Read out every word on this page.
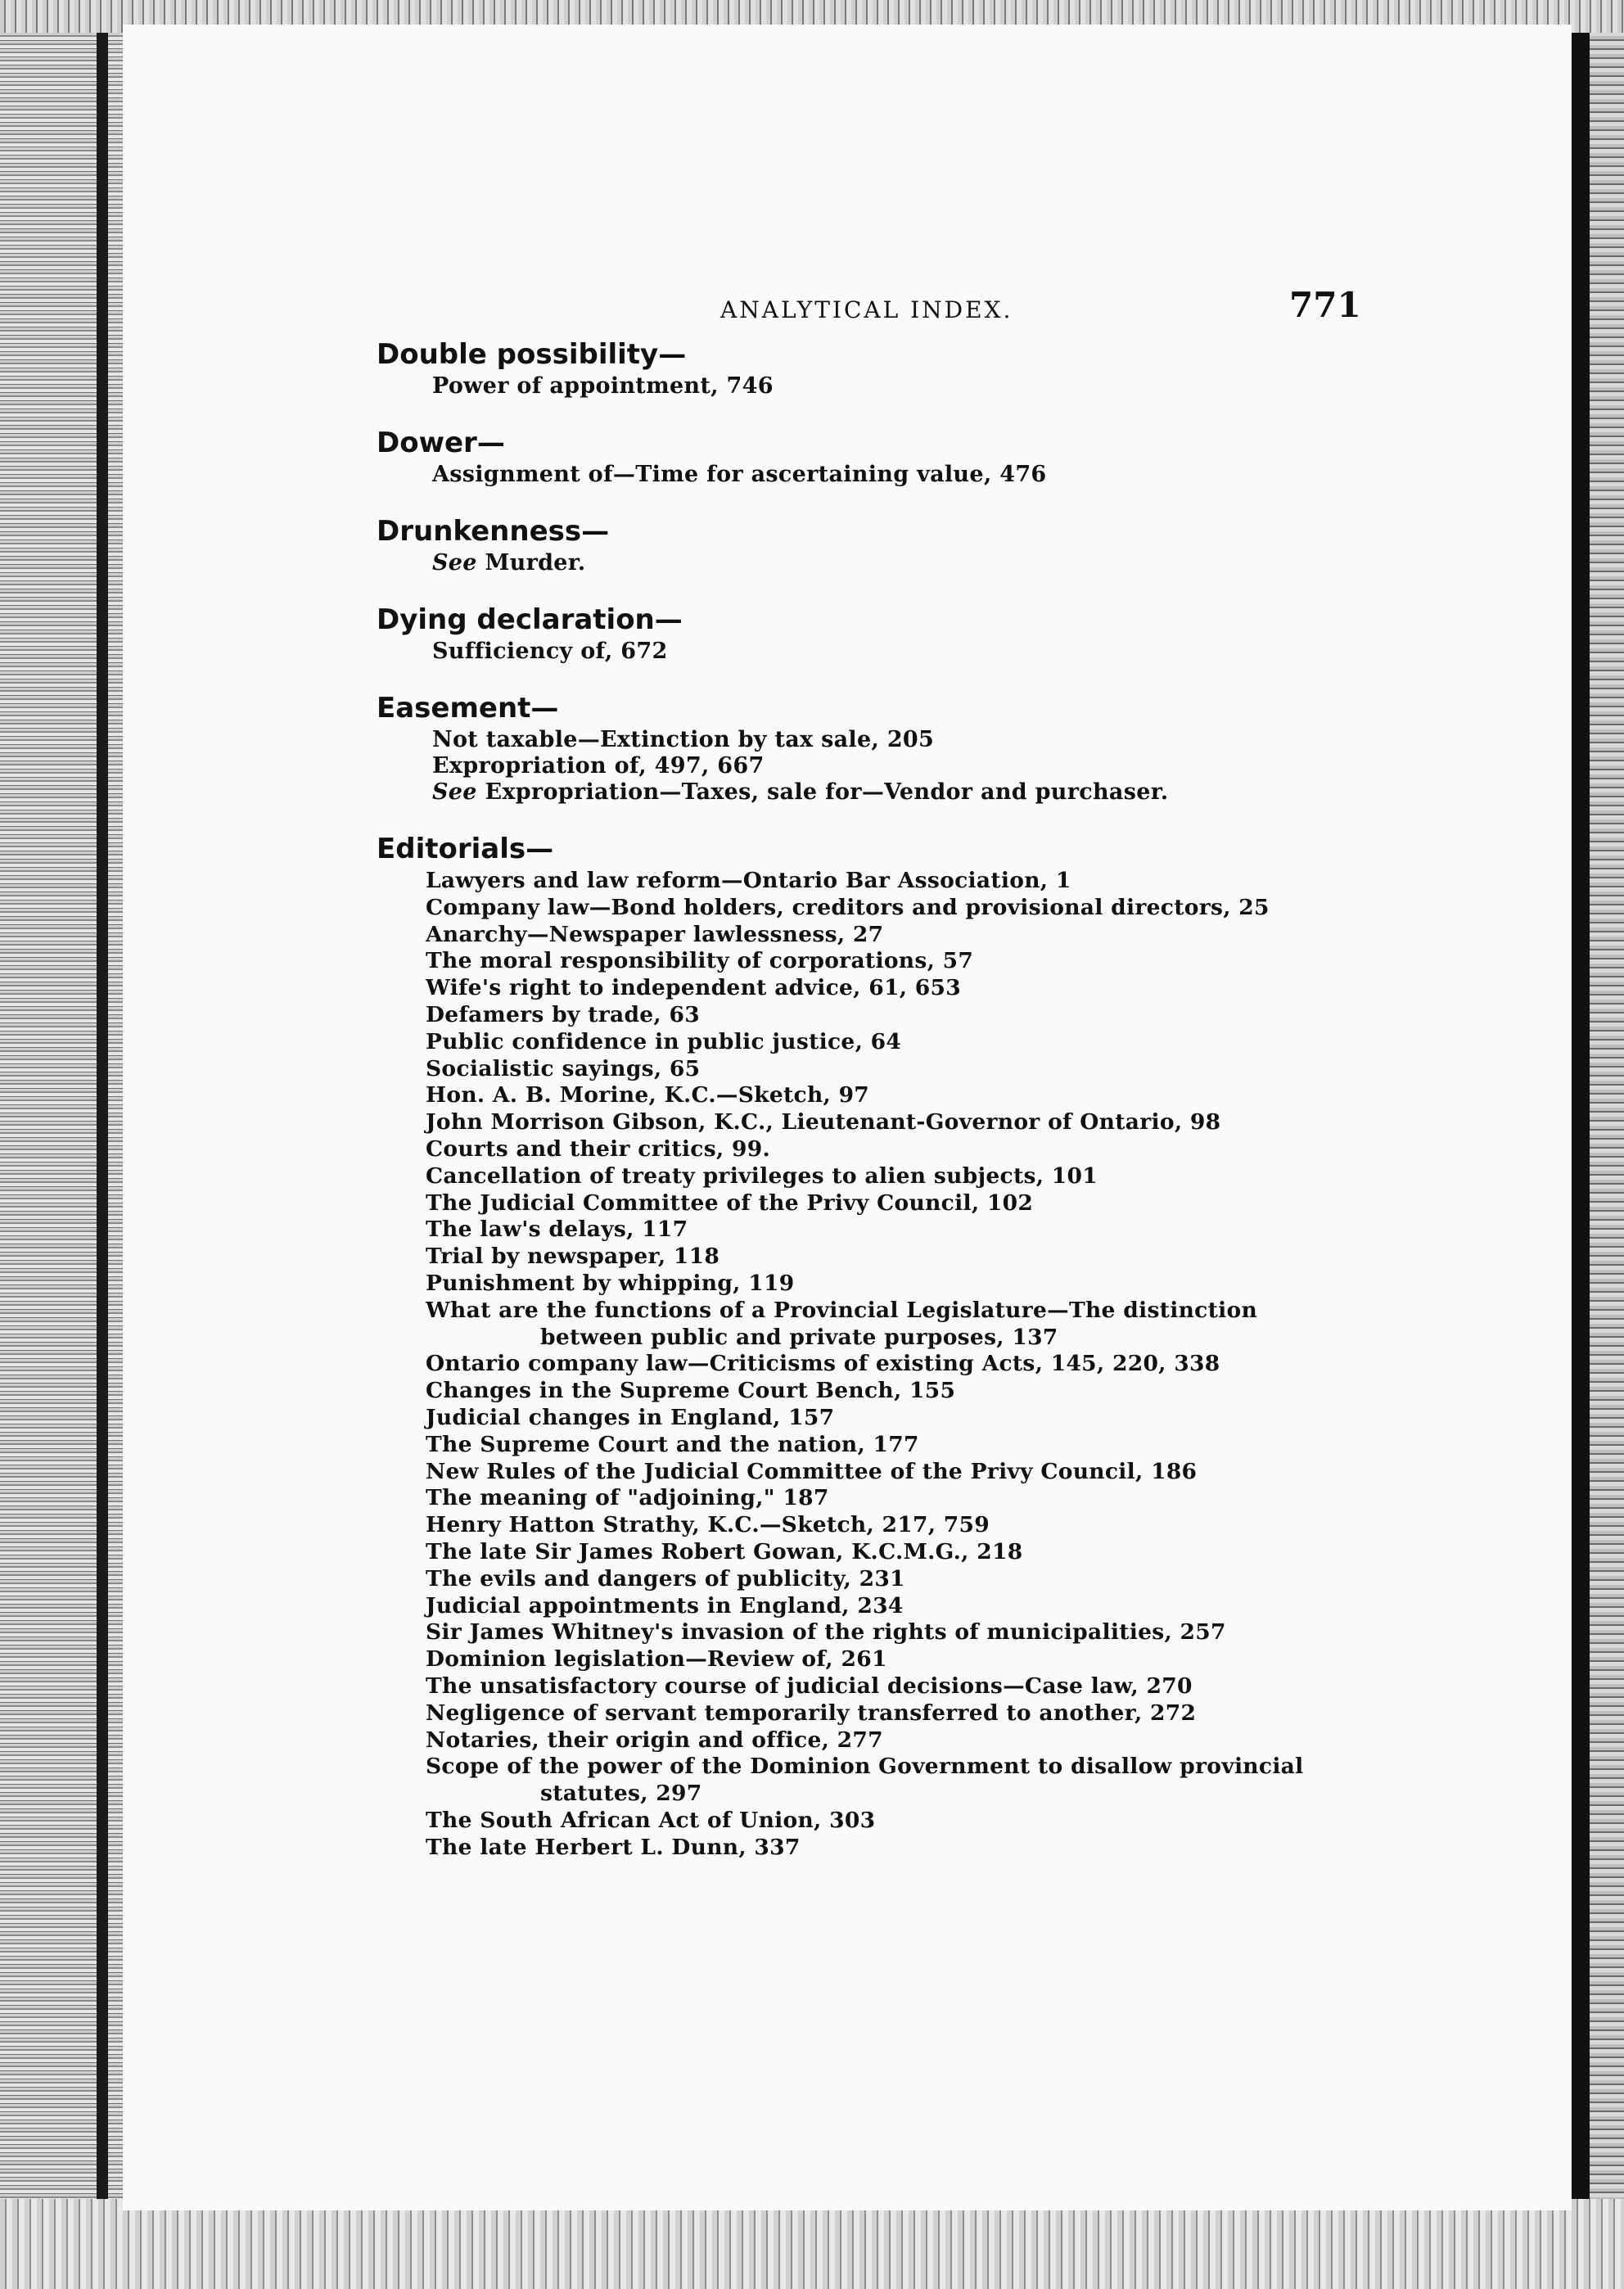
ANALYTICAL INDEX.	771
Double possibility—
Power of appointment, 746
Dower—
Assignment of—Time for ascertaining value, 476
Drunkenness—
See Murder.
Dying declaration—
Sufficiency of, 672
Easement—
Not taxable—Extinction by tax sale, 205
Expropriation of, 497, 667
See Expropriation—Taxes, sale for—Vendor and purchaser.
Editorials—
Lawyers and law reform—Ontario Bar Association, 1
Company law—Bond holders, creditors and provisional directors, 25
Anarchy—Newspaper lawlessness, 27
The moral responsibility of corporations, 57
Wife's right to independent advice, 61, 653
Defamers by trade, 63
Public confidence in public justice, 64
Socialistic sayings, 65
Hon. A. B. Morine, K.C.—Sketch, 97
John Morrison Gibson, K.C., Lieutenant-Governor of Ontario, 98
Courts and their critics, 99.
Cancellation of treaty privileges to alien subjects, 101
The Judicial Committee of the Privy Council, 102
The law's delays, 117
Trial by newspaper, 118
Punishment by whipping, 119
What are the functions of a Provincial Legislature—The distinction
between public and private purposes, 137
Ontario company law—Criticisms of existing Acts, 145, 220, 338
Changes in the Supreme Court Bench, 155
Judicial changes in England, 157
The Supreme Court and the nation, 177
New Rules of the Judicial Committee of the Privy Council, 186
The meaning of "adjoining," 187
Henry Hatton Strathy, K.C.—Sketch, 217, 759
The late Sir James Robert Gowan, K.C.M.G., 218
The evils and dangers of publicity, 231
Judicial appointments in England, 234
Sir James Whitney's invasion of the rights of municipalities, 257
Dominion legislation—Review of, 261
The unsatisfactory course of judicial decisions—Case law, 270
Negligence of servant temporarily transferred to another, 272
Notaries, their origin and office, 277
Scope of the power of the Dominion Government to disallow provincial
statutes, 297
The South African Act of Union, 303
The late Herbert L. Dunn, 337
